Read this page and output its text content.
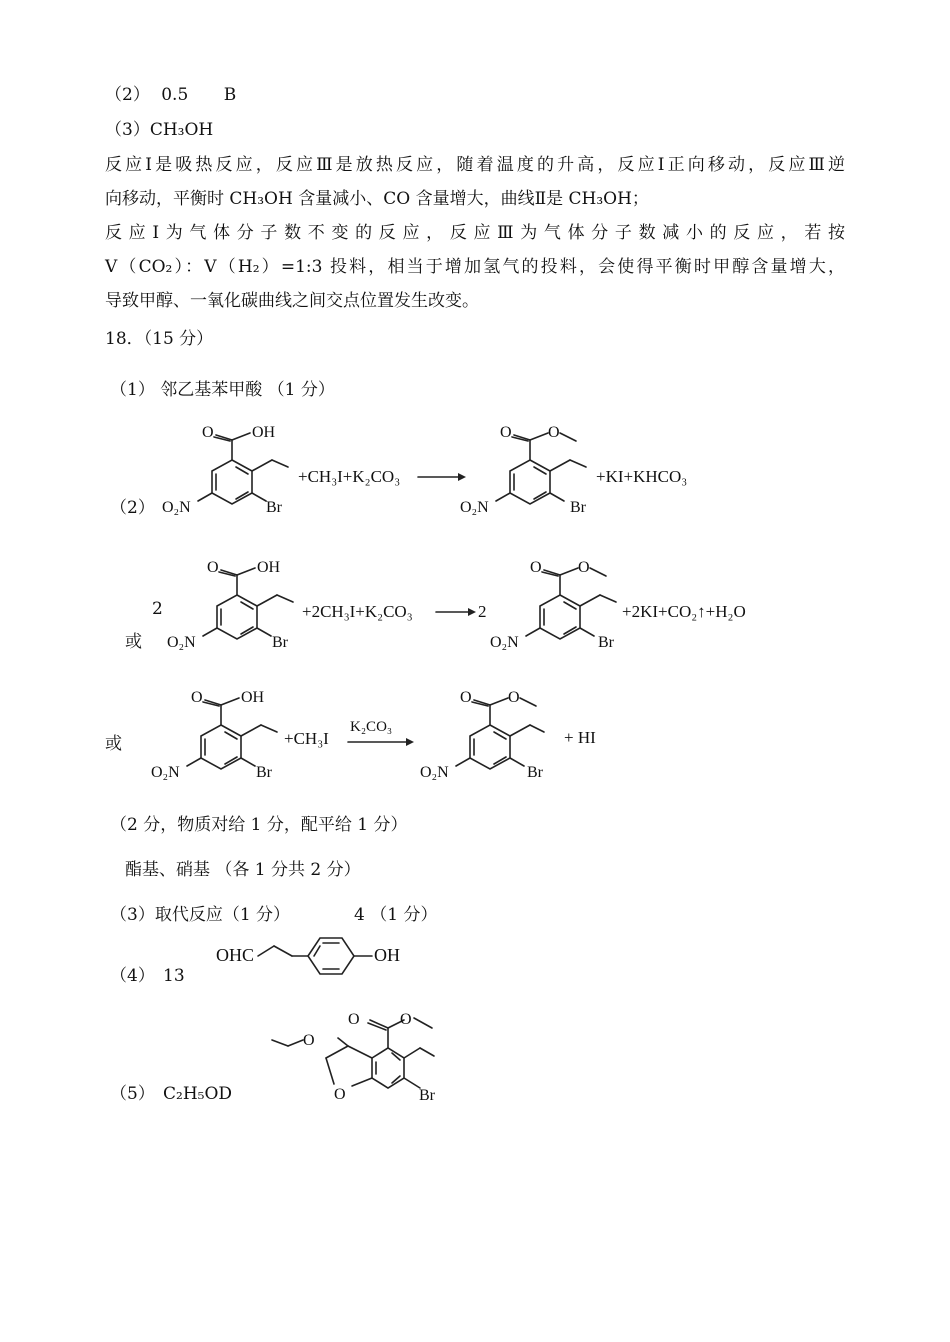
（2） 0.5 B
（3）CH₃OH
反应Ⅰ是吸热反应，反应Ⅲ是放热反应，随着温度的升高，反应Ⅰ正向移动，反应Ⅲ逆
向移动，平衡时 CH₃OH 含量减小、CO 含量增大，曲线Ⅱ是 CH₃OH；
反应Ⅰ为气体分子数不变的反应，反应Ⅲ为气体分子数减小的反应，若按
V（CO₂）：V（H₂）=1:3 投料，相当于增加氢气的投料，会使得平衡时甲醇含量增大，
导致甲醇、一氧化碳曲线之间交点位置发生改变。
18．（15 分）
（1） 邻乙基苯甲酸 （1 分）
（2）
O OH
O₂N	Br
+CH₃I+K₂CO₃
O O
O₂N	Br
+KI+KHCO₃
2
或
O OH
O₂N	Br
+2CH₃I+K₂CO₃	2
O O
O₂N	Br
+2KI+CO₂↑+H₂O
或
O OH
O₂N	Br
+CH₃I
K₂CO₃
O O
O₂N	Br
+ HI
（2 分，物质对给 1 分，配平给 1 分）
酯基、硝基 （各 1 分共 2 分）
（3）取代反应（1 分）	4 （1 分）
（4） 13
OHC	OH
（5） C₂H₅OD	O
O
O	O
Br
